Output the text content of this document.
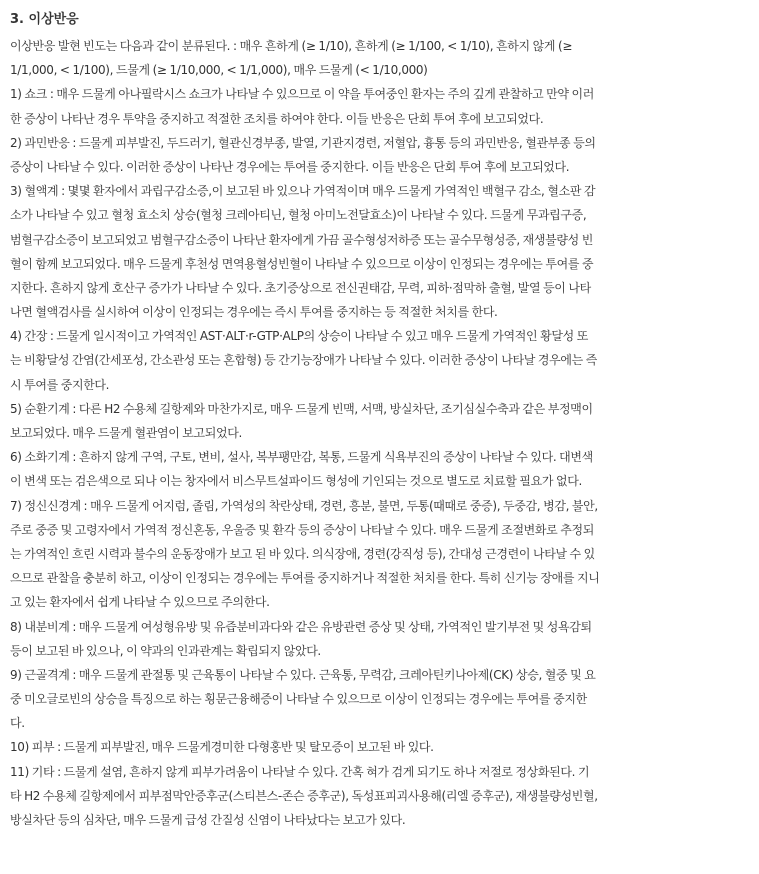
3. 이상반응
이상반응 발현 빈도는 다음과 같이 분류된다. : 매우 흔하게 (≥ 1/10), 흔하게 (≥ 1/100, < 1/10), 흔하지 않게 (≥
1/1,000, < 1/100), 드물게 (≥ 1/10,000, < 1/1,000), 매우 드물게 (< 1/10,000)
1) 쇼크 : 매우 드물게 아나필락시스 쇼크가 나타날 수 있으므로 이 약을 투여중인 환자는 주의 깊게 관찰하고 만약 이러
한 증상이 나타난 경우 투약을 중지하고 적절한 조치를 하여야 한다. 이들 반응은 단회 투여 후에 보고되었다.
2) 과민반응 : 드물게 피부발진, 두드러기, 혈관신경부종, 발열, 기관지경련, 저혈압, 흉통 등의 과민반응, 혈관부종 등의
증상이 나타날 수 있다. 이러한 증상이 나타난 경우에는 투여를 중지한다. 이들 반응은 단회 투여 후에 보고되었다.
3) 혈액계 : 몇몇 환자에서 과립구감소증,이 보고된 바 있으나 가역적이며 매우 드물게 가역적인 백혈구 감소, 혈소판 감
소가 나타날 수 있고 혈청 효소치 상승(혈청 크레아티닌, 혈청 아미노전달효소)이 나타날 수 있다. 드물게 무과립구증,
범혈구감소증이 보고되었고 범혈구감소증이 나타난 환자에게 가끔 골수형성저하증 또는 골수무형성증, 재생불량성 빈
혈이 함께 보고되었다. 매우 드물게 후천성 면역용혈성빈혈이 나타날 수 있으므로 이상이 인정되는 경우에는 투여를 중
지한다. 흔하지 않게 호산구 증가가 나타날 수 있다. 초기증상으로 전신권태감, 무력, 피하·점막하 출혈, 발열 등이 나타
나면 혈액검사를 실시하여 이상이 인정되는 경우에는 즉시 투여를 중지하는 등 적절한 처치를 한다.
4) 간장 : 드물게 일시적이고 가역적인 AST·ALT·r-GTP·ALP의 상승이 나타날 수 있고 매우 드물게 가역적인 황달성 또
는 비황달성 간염(간세포성, 간소관성 또는 혼합형) 등 간기능장애가 나타날 수 있다. 이러한 증상이 나타날 경우에는 즉
시 투여를 중지한다.
5) 순환기계 : 다른 H2 수용체 길항제와 마찬가지로, 매우 드물게 빈맥, 서맥, 방실차단, 조기심실수축과 같은 부정맥이
보고되었다. 매우 드물게 혈관염이 보고되었다.
6) 소화기계 : 흔하지 않게 구역, 구토, 변비, 설사, 복부팽만감, 복통, 드물게 식욕부진의 증상이 나타날 수 있다. 대변색
이 변색 또는 검은색으로 되나 이는 창자에서 비스무트설파이드 형성에 기인되는 것으로 별도로 치료할 필요가 없다.
7) 정신신경계 : 매우 드물게 어지럼, 졸림, 가역성의 착란상태, 경련, 흥분, 불면, 두통(때때로 중증), 두중감, 병감, 불안,
주로 중증 및 고령자에서 가역적 정신혼동, 우울증 및 환각 등의 증상이 나타날 수 있다. 매우 드물게 조절변화로 추정되
는 가역적인 흐린 시력과 불수의 운동장애가 보고 된 바 있다. 의식장애, 경련(강직성 등), 간대성 근경련이 나타날 수 있
으므로 관찰을 충분히 하고, 이상이 인정되는 경우에는 투여를 중지하거나 적절한 처치를 한다. 특히 신기능 장애를 지니
고 있는 환자에서 쉽게 나타날 수 있으므로 주의한다.
8) 내분비계 : 매우 드물게 여성형유방 및 유즙분비과다와 같은 유방관련 증상 및 상태, 가역적인 발기부전 및 성욕감퇴
등이 보고된 바 있으나, 이 약과의 인과관계는 확립되지 않았다.
9) 근골격계 : 매우 드물게 관절통 및 근육통이 나타날 수 있다. 근육통, 무력감, 크레아틴키나아제(CK) 상승, 혈중 및 요
중 미오글로빈의 상승을 특징으로 하는 횡문근융해증이 나타날 수 있으므로 이상이 인정되는 경우에는 투여를 중지한
다.
10) 피부 : 드물게 피부발진, 매우 드물게경미한 다형홍반 및 탈모증이 보고된 바 있다.
11) 기타 : 드물게 설염, 흔하지 않게 피부가려움이 나타날 수 있다. 간혹 혀가 검게 되기도 하나 저절로 정상화된다. 기
타 H2 수용체 길항제에서 피부점막안증후군(스티븐스-존슨 증후군), 독성표피괴사용해(리엘 증후군), 재생불량성빈혈,
방실차단 등의 심차단, 매우 드물게 급성 간질성 신염이 나타났다는 보고가 있다.
